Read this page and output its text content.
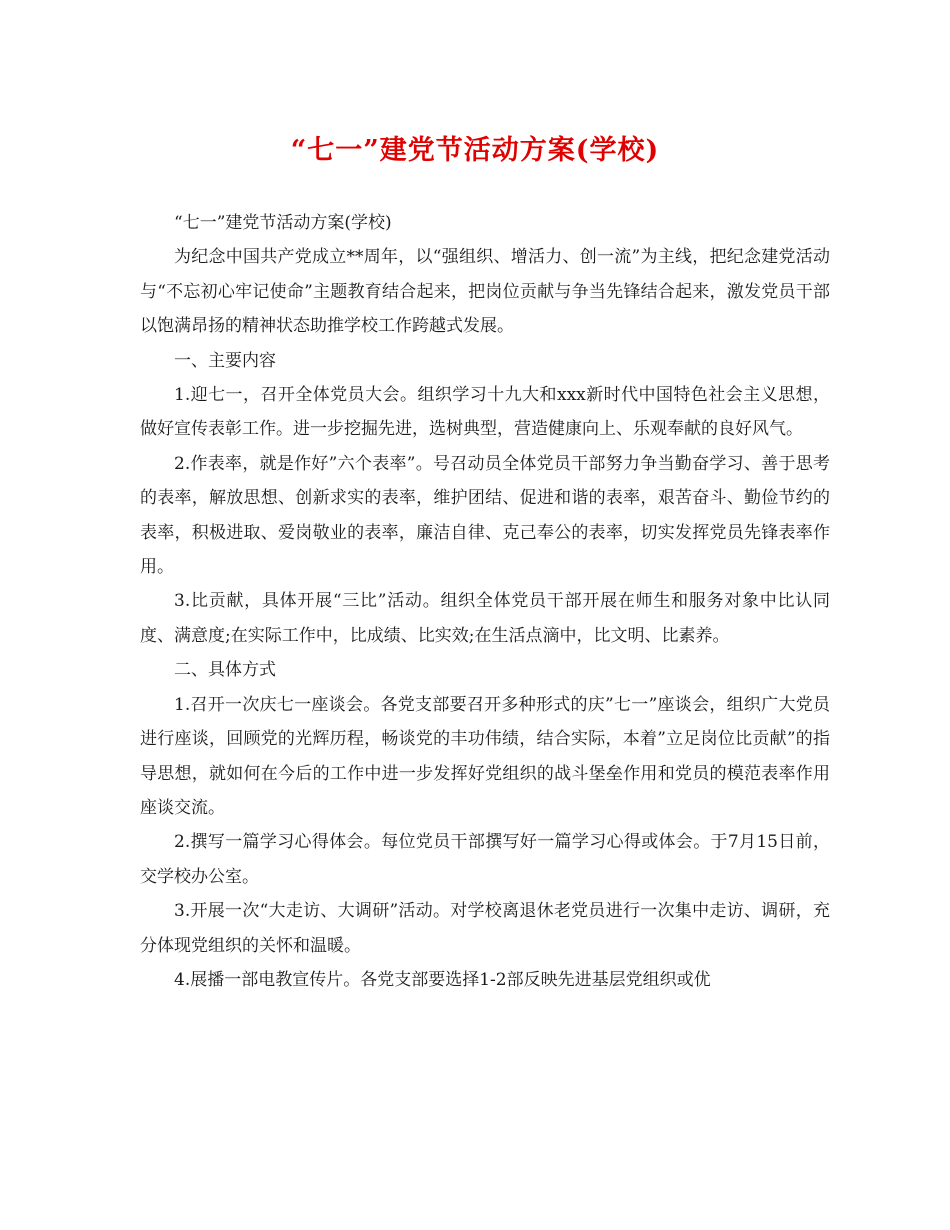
“七一”建党节活动方案(学校)

“七一”建党节活动方案(学校)

为纪念中国共产党成立**周年，以“强组织、增活力、创一流”为主线，把纪念建党活动与“不忘初心牢记使命”主题教育结合起来，把岗位贡献与争当先锋结合起来，激发党员干部以饱满昂扬的精神状态助推学校工作跨越式发展。

一、主要内容

1.迎七一，召开全体党员大会。组织学习十九大和xxx新时代中国特色社会主义思想，做好宣传表彰工作。进一步挖掘先进，选树典型，营造健康向上、乐观奉献的良好风气。

2.作表率，就是作好”六个表率”。号召动员全体党员干部努力争当勤奋学习、善于思考的表率，解放思想、创新求实的表率，维护团结、促进和谐的表率，艰苦奋斗、勤俭节约的表率，积极进取、爱岗敬业的表率，廉洁自律、克己奉公的表率，切实发挥党员先锋表率作用。

3.比贡献，具体开展“三比”活动。组织全体党员干部开展在师生和服务对象中比认同度、满意度;在实际工作中，比成绩、比实效;在生活点滴中，比文明、比素养。

二、具体方式

1.召开一次庆七一座谈会。各党支部要召开多种形式的庆”七一”座谈会，组织广大党员进行座谈，回顾党的光辉历程，畅谈党的丰功伟绩，结合实际，本着”立足岗位比贡献”的指导思想，就如何在今后的工作中进一步发挥好党组织的战斗堡垒作用和党员的模范表率作用座谈交流。

2.撰写一篇学习心得体会。每位党员干部撰写好一篇学习心得或体会。于7月15日前，交学校办公室。

3.开展一次“大走访、大调研”活动。对学校离退休老党员进行一次集中走访、调研，充分体现党组织的关怀和温暖。

4.展播一部电教宣传片。各党支部要选择1-2部反映先进基层党组织或优
